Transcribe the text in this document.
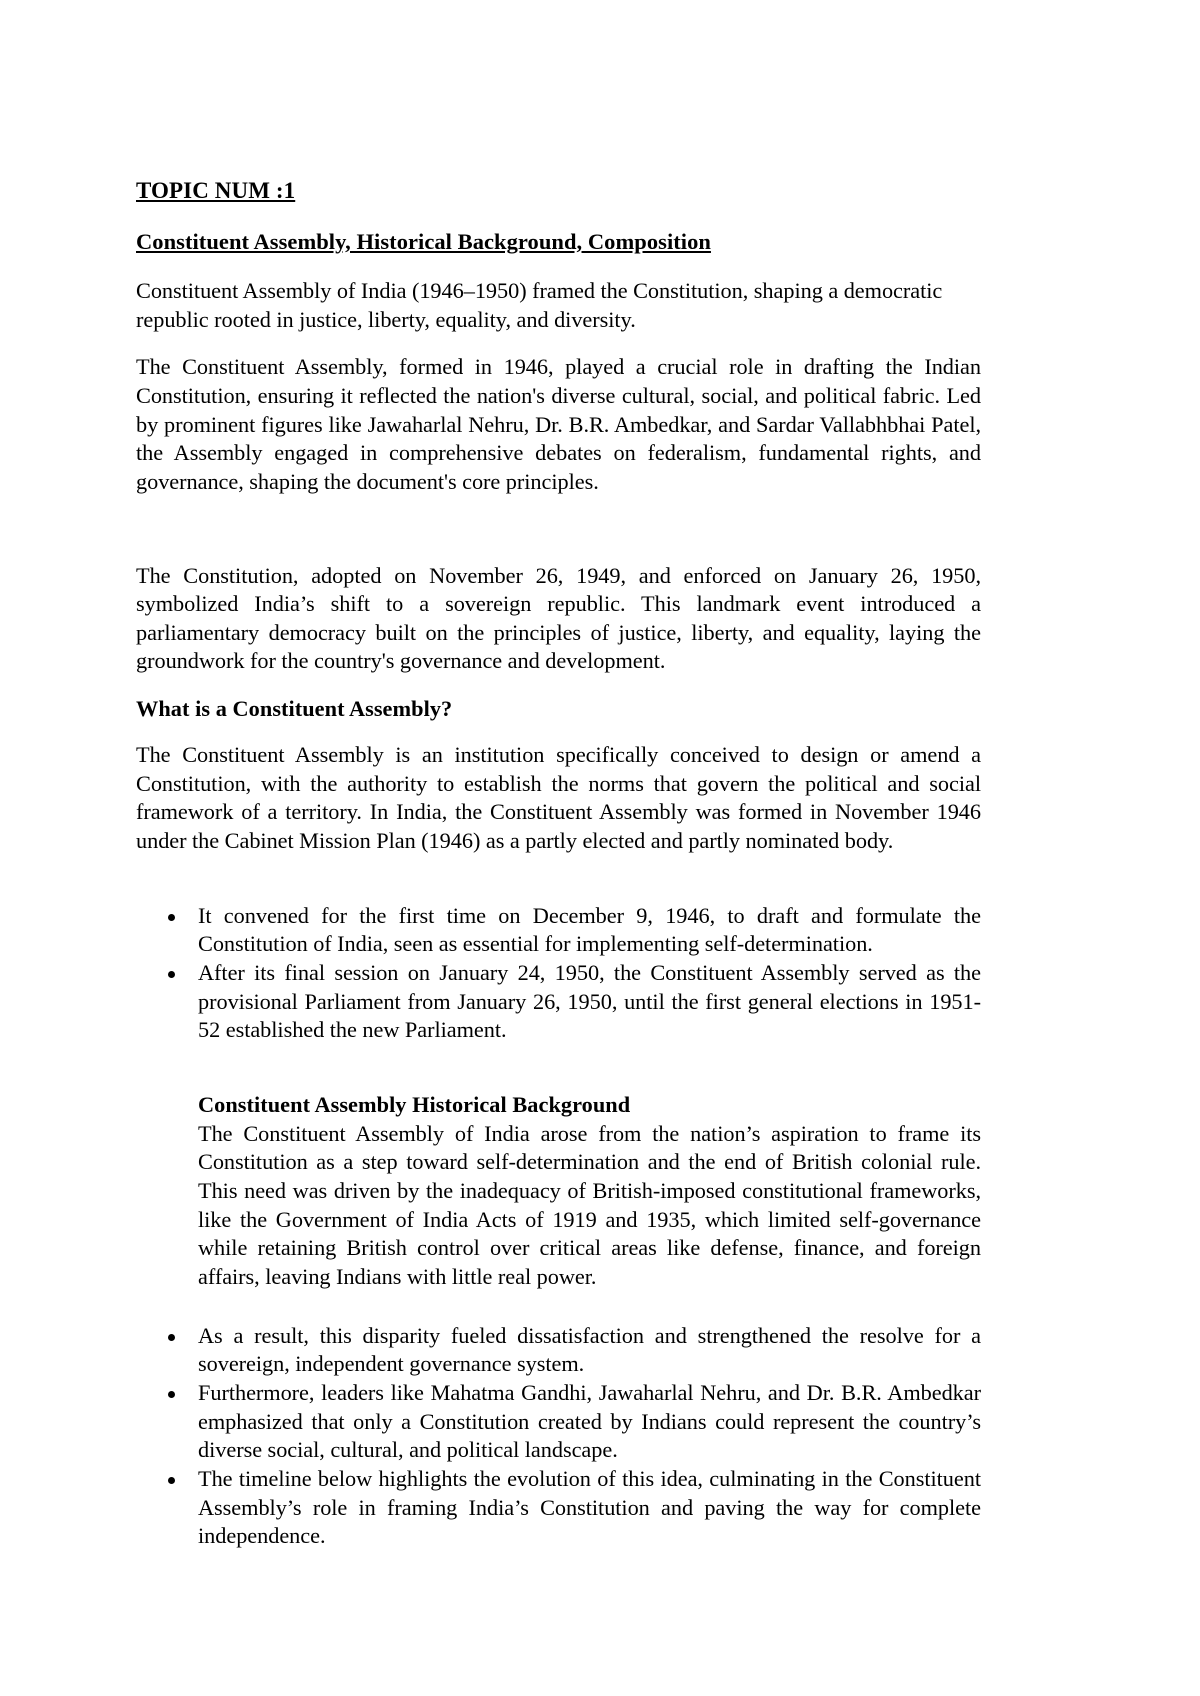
TOPIC NUM :1
Constituent Assembly, Historical Background, Composition

Constituent Assembly of India (1946–1950) framed the Constitution, shaping a democratic republic rooted in justice, liberty, equality, and diversity.

The Constituent Assembly, formed in 1946, played a crucial role in drafting the Indian Constitution, ensuring it reflected the nation's diverse cultural, social, and political fabric. Led by prominent figures like Jawaharlal Nehru, Dr. B.R. Ambedkar, and Sardar Vallabhbhai Patel, the Assembly engaged in comprehensive debates on federalism, fundamental rights, and governance, shaping the document's core principles.

The Constitution, adopted on November 26, 1949, and enforced on January 26, 1950, symbolized India’s shift to a sovereign republic. This landmark event introduced a parliamentary democracy built on the principles of justice, liberty, and equality, laying the groundwork for the country's governance and development.

What is a Constituent Assembly?

The Constituent Assembly is an institution specifically conceived to design or amend a Constitution, with the authority to establish the norms that govern the political and social framework of a territory. In India, the Constituent Assembly was formed in November 1946 under the Cabinet Mission Plan (1946) as a partly elected and partly nominated body.

It convened for the first time on December 9, 1946, to draft and formulate the Constitution of India, seen as essential for implementing self-determination.
After its final session on January 24, 1950, the Constituent Assembly served as the provisional Parliament from January 26, 1950, until the first general elections in 1951-52 established the new Parliament.
Constituent Assembly Historical Background

The Constituent Assembly of India arose from the nation’s aspiration to frame its Constitution as a step toward self-determination and the end of British colonial rule. This need was driven by the inadequacy of British-imposed constitutional frameworks, like the Government of India Acts of 1919 and 1935, which limited self-governance while retaining British control over critical areas like defense, finance, and foreign affairs, leaving Indians with little real power.

As a result, this disparity fueled dissatisfaction and strengthened the resolve for a sovereign, independent governance system.
Furthermore, leaders like Mahatma Gandhi, Jawaharlal Nehru, and Dr. B.R. Ambedkar emphasized that only a Constitution created by Indians could represent the country’s diverse social, cultural, and political landscape.
The timeline below highlights the evolution of this idea, culminating in the Constituent Assembly’s role in framing India’s Constitution and paving the way for complete independence.
